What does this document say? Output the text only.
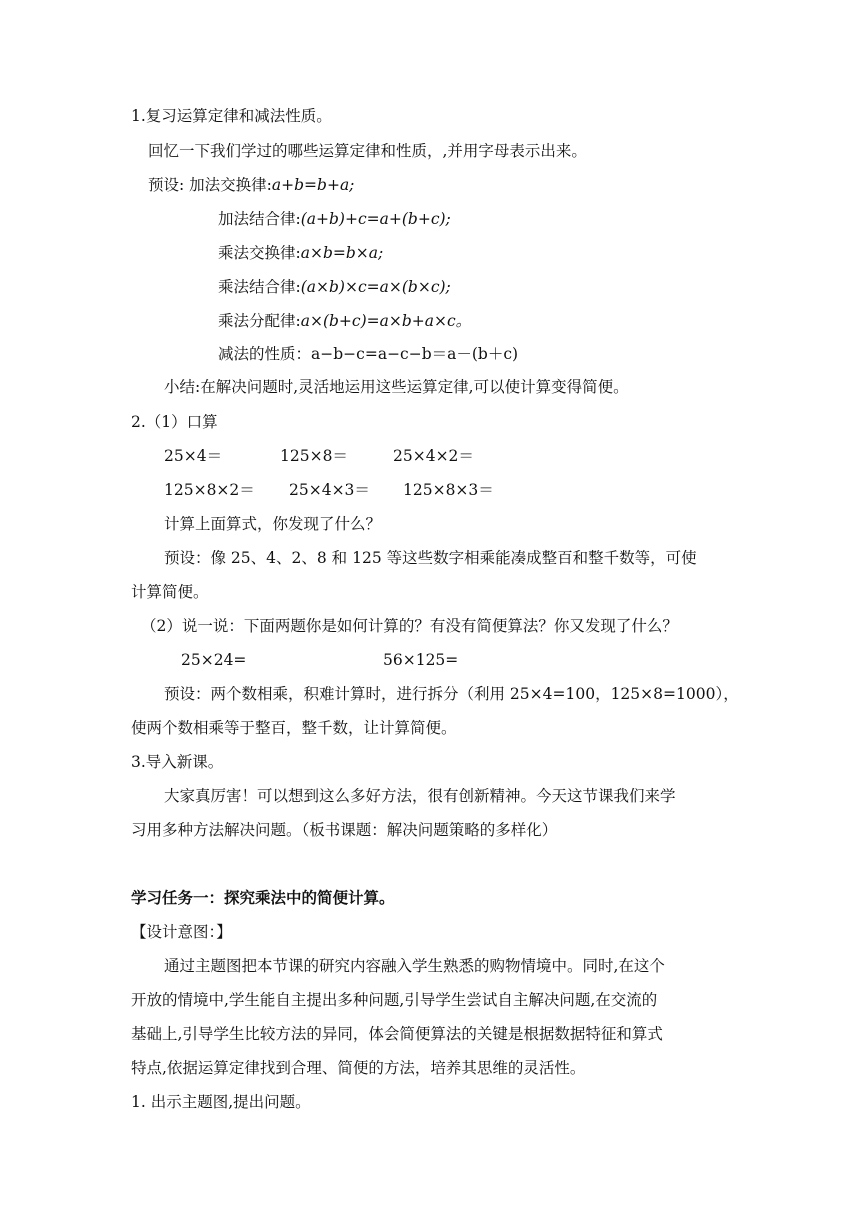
1.复习运算定律和减法性质。
回忆一下我们学过的哪些运算定律和性质，,并用字母表示出来。
预设: 加法交换律:a+b=b+a;
加法结合律:(a+b)+c=a+(b+c);
乘法交换律:a×b=b×a;
乘法结合律:(a×b)×c=a×(b×c);
乘法分配律:a×(b+c)=a×b+a×c。
减法的性质：a−b−c=a−c−b＝a－(b＋c)
小结:在解决问题时,灵活地运用这些运算定律,可以使计算变得简便。
2.（1）口算
25×4＝	125×8＝	25×4×2＝
125×8×2＝ 25×4×3＝ 125×8×3＝
计算上面算式，你发现了什么？
预设：像 25、4、2、8 和 125 等这些数字相乘能凑成整百和整千数等，可使
计算简便。
（2）说一说：下面两题你是如何计算的？有没有简便算法？你又发现了什么？
25×24=	56×125=
预设：两个数相乘，积难计算时，进行拆分（利用 25×4=100，125×8=1000），
使两个数相乘等于整百，整千数，让计算简便。
3.导入新课。
大家真厉害！可以想到这么多好方法，很有创新精神。今天这节课我们来学
习用多种方法解决问题。（板书课题：解决问题策略的多样化）
学习任务一：探究乘法中的简便计算。
【设计意图：】
通过主题图把本节课的研究内容融入学生熟悉的购物情境中。同时,在这个
开放的情境中,学生能自主提出多种问题,引导学生尝试自主解决问题,在交流的
基础上,引导学生比较方法的异同，体会简便算法的关键是根据数据特征和算式
特点,依据运算定律找到合理、简便的方法，培养其思维的灵活性。
1. 出示主题图,提出问题。
